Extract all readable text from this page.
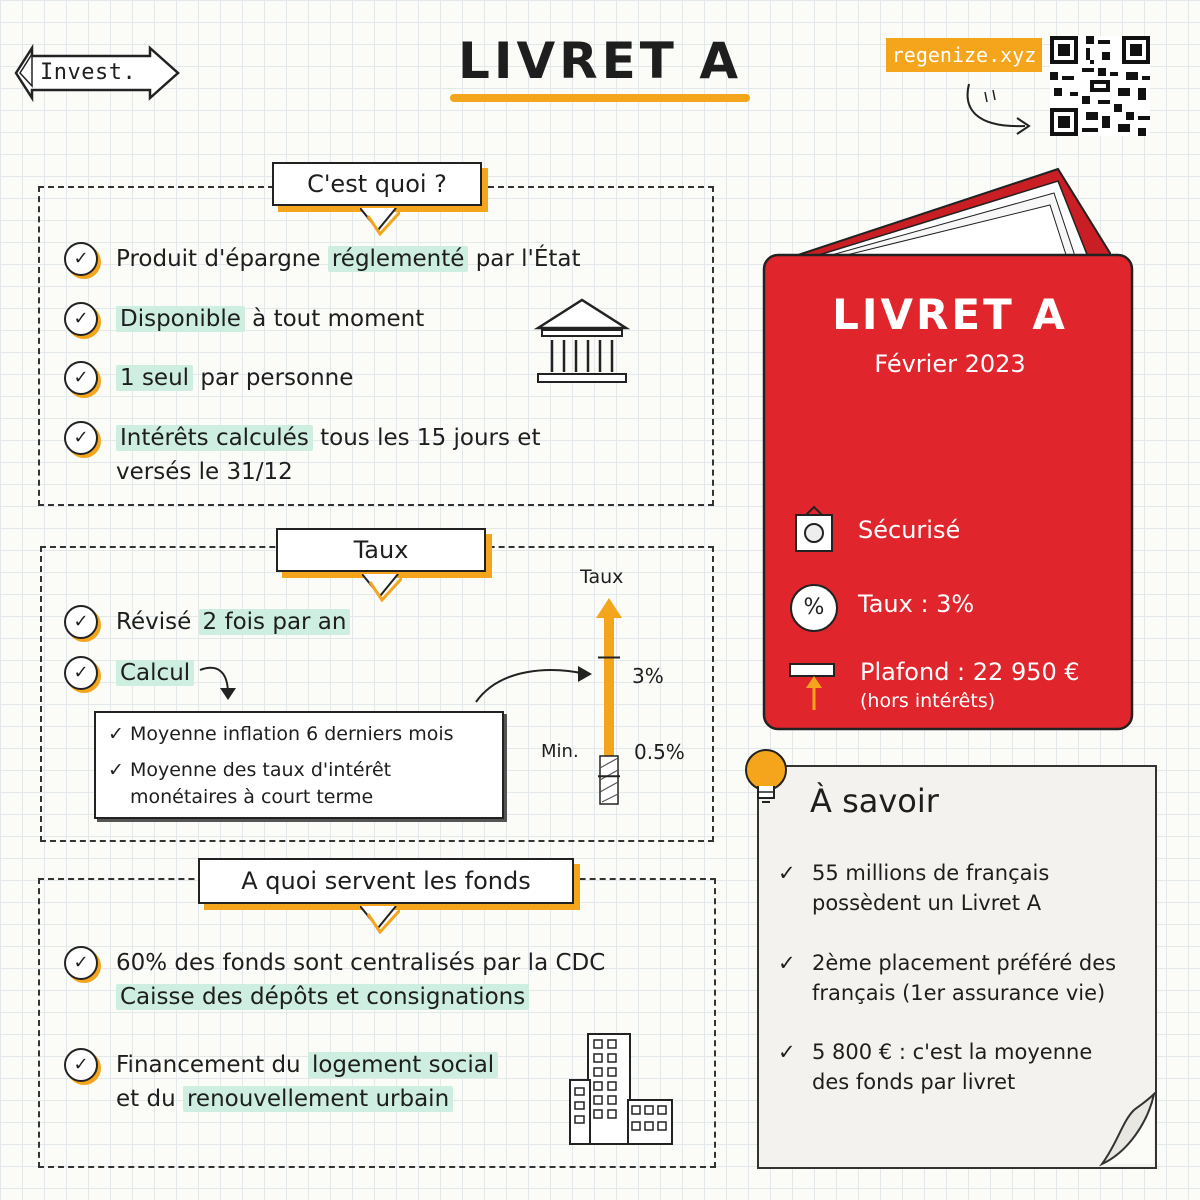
Invest.	LIVRET A	regenize.xyz
C'est quoi ?
✓	Produit d'épargne réglementé par l'État
✓	Disponible à tout moment
✓	1 seul par personne
✓	Intérêts calculés tous les 15 jours et
versés le 31/12
Taux
✓	Révisé 2 fois par an
✓	Calcul
✓ Moyenne inflation 6 derniers mois
✓ Moyenne des taux d'intérêt
monétaires à court terme
Taux
3%
Min.	0.5%
A quoi servent les fonds
✓	60% des fonds sont centralisés par la CDC
Caisse des dépôts et consignations
✓	Financement du logement social
et du renouvellement urbain
LIVRET A
Février 2023
Sécurisé
%	Taux : 3%
Plafond : 22 950 €
(hors intérêts)
À savoir
✓ 55 millions de français
possèdent un Livret A
✓ 2ème placement préféré des
français (1er assurance vie)
✓ 5 800 € : c'est la moyenne
des fonds par livret
